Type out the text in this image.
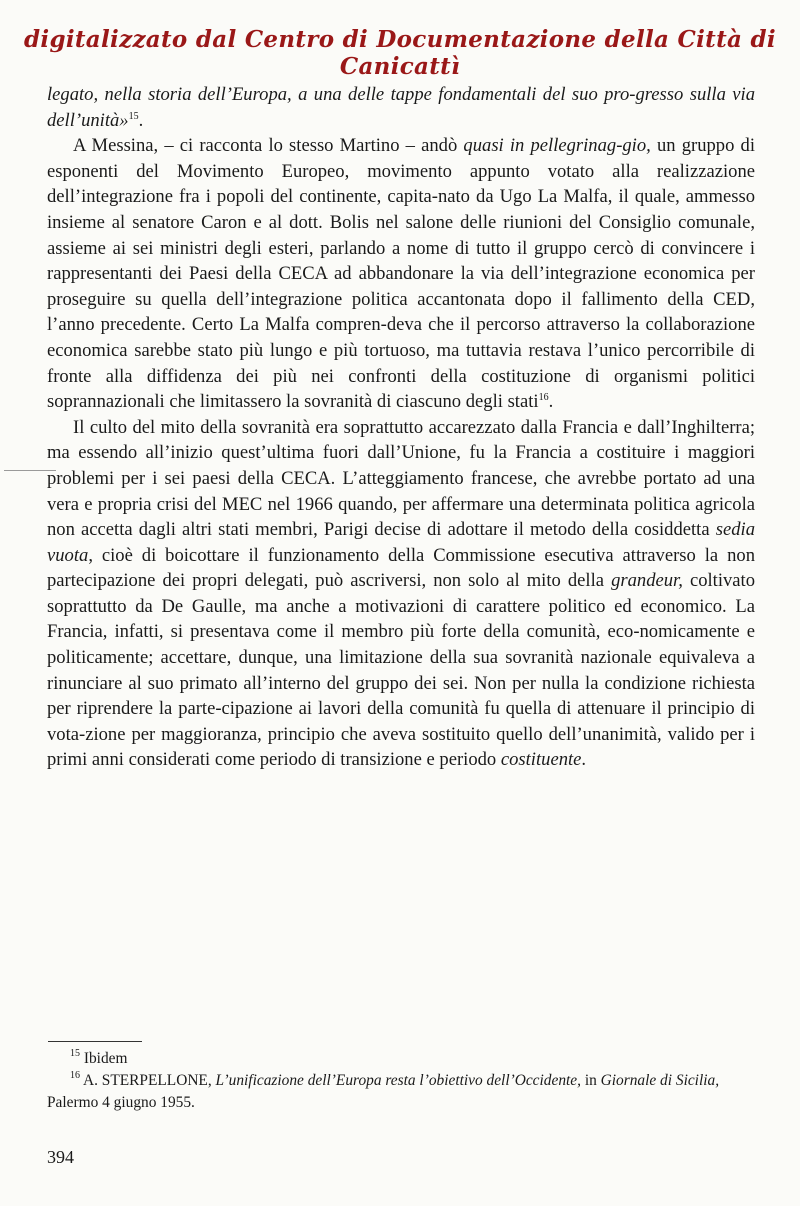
digitalizzato dal Centro di Documentazione della Città di Canicattì

legato, nella storia dell’Europa, a una delle tappe fondamentali del suo pro-gresso sulla via dell’unità»$^{15}$.

A Messina, – ci racconta lo stesso Martino – andò quasi in pellegrinag-gio, un gruppo di esponenti del Movimento Europeo, movimento appunto votato alla realizzazione dell’integrazione fra i popoli del continente, capita-nato da Ugo La Malfa, il quale, ammesso insieme al senatore Caron e al dott. Bolis nel salone delle riunioni del Consiglio comunale, assieme ai sei ministri degli esteri, parlando a nome di tutto il gruppo cercò di convincere i rappresentanti dei Paesi della CECA ad abbandonare la via dell’integrazione economica per proseguire su quella dell’integrazione politica accantonata dopo il fallimento della CED, l’anno precedente. Certo La Malfa compren-deva che il percorso attraverso la collaborazione economica sarebbe stato più lungo e più tortuoso, ma tuttavia restava l’unico percorribile di fronte alla diffidenza dei più nei confronti della costituzione di organismi politici soprannazionali che limitassero la sovranità di ciascuno degli stati$^{16}$.

Il culto del mito della sovranità era soprattutto accarezzato dalla Francia e dall’Inghilterra; ma essendo all’inizio quest’ultima fuori dall’Unione, fu la Francia a costituire i maggiori problemi per i sei paesi della CECA. L’atteggiamento francese, che avrebbe portato ad una vera e propria crisi del MEC nel 1966 quando, per affermare una determinata politica agricola non accetta dagli altri stati membri, Parigi decise di adottare il metodo della cosiddetta sedia vuota, cioè di boicottare il funzionamento della Commissione esecutiva attraverso la non partecipazione dei propri delegati, può ascriversi, non solo al mito della grandeur, coltivato soprattutto da De Gaulle, ma anche a motivazioni di carattere politico ed economico. La Francia, infatti, si presentava come il membro più forte della comunità, eco-nomicamente e politicamente; accettare, dunque, una limitazione della sua sovranità nazionale equivaleva a rinunciare al suo primato all’interno del gruppo dei sei. Non per nulla la condizione richiesta per riprendere la parte-cipazione ai lavori della comunità fu quella di attenuare il principio di vota-zione per maggioranza, principio che aveva sostituito quello dell’unanimità, valido per i primi anni considerati come periodo di transizione e periodo costituente.

$^{15}$ Ibidem

$^{16}$ A. STERPELLONE, L’unificazione dell’Europa resta l’obiettivo dell’Occidente, in Giornale di Sicilia, Palermo 4 giugno 1955.

394
